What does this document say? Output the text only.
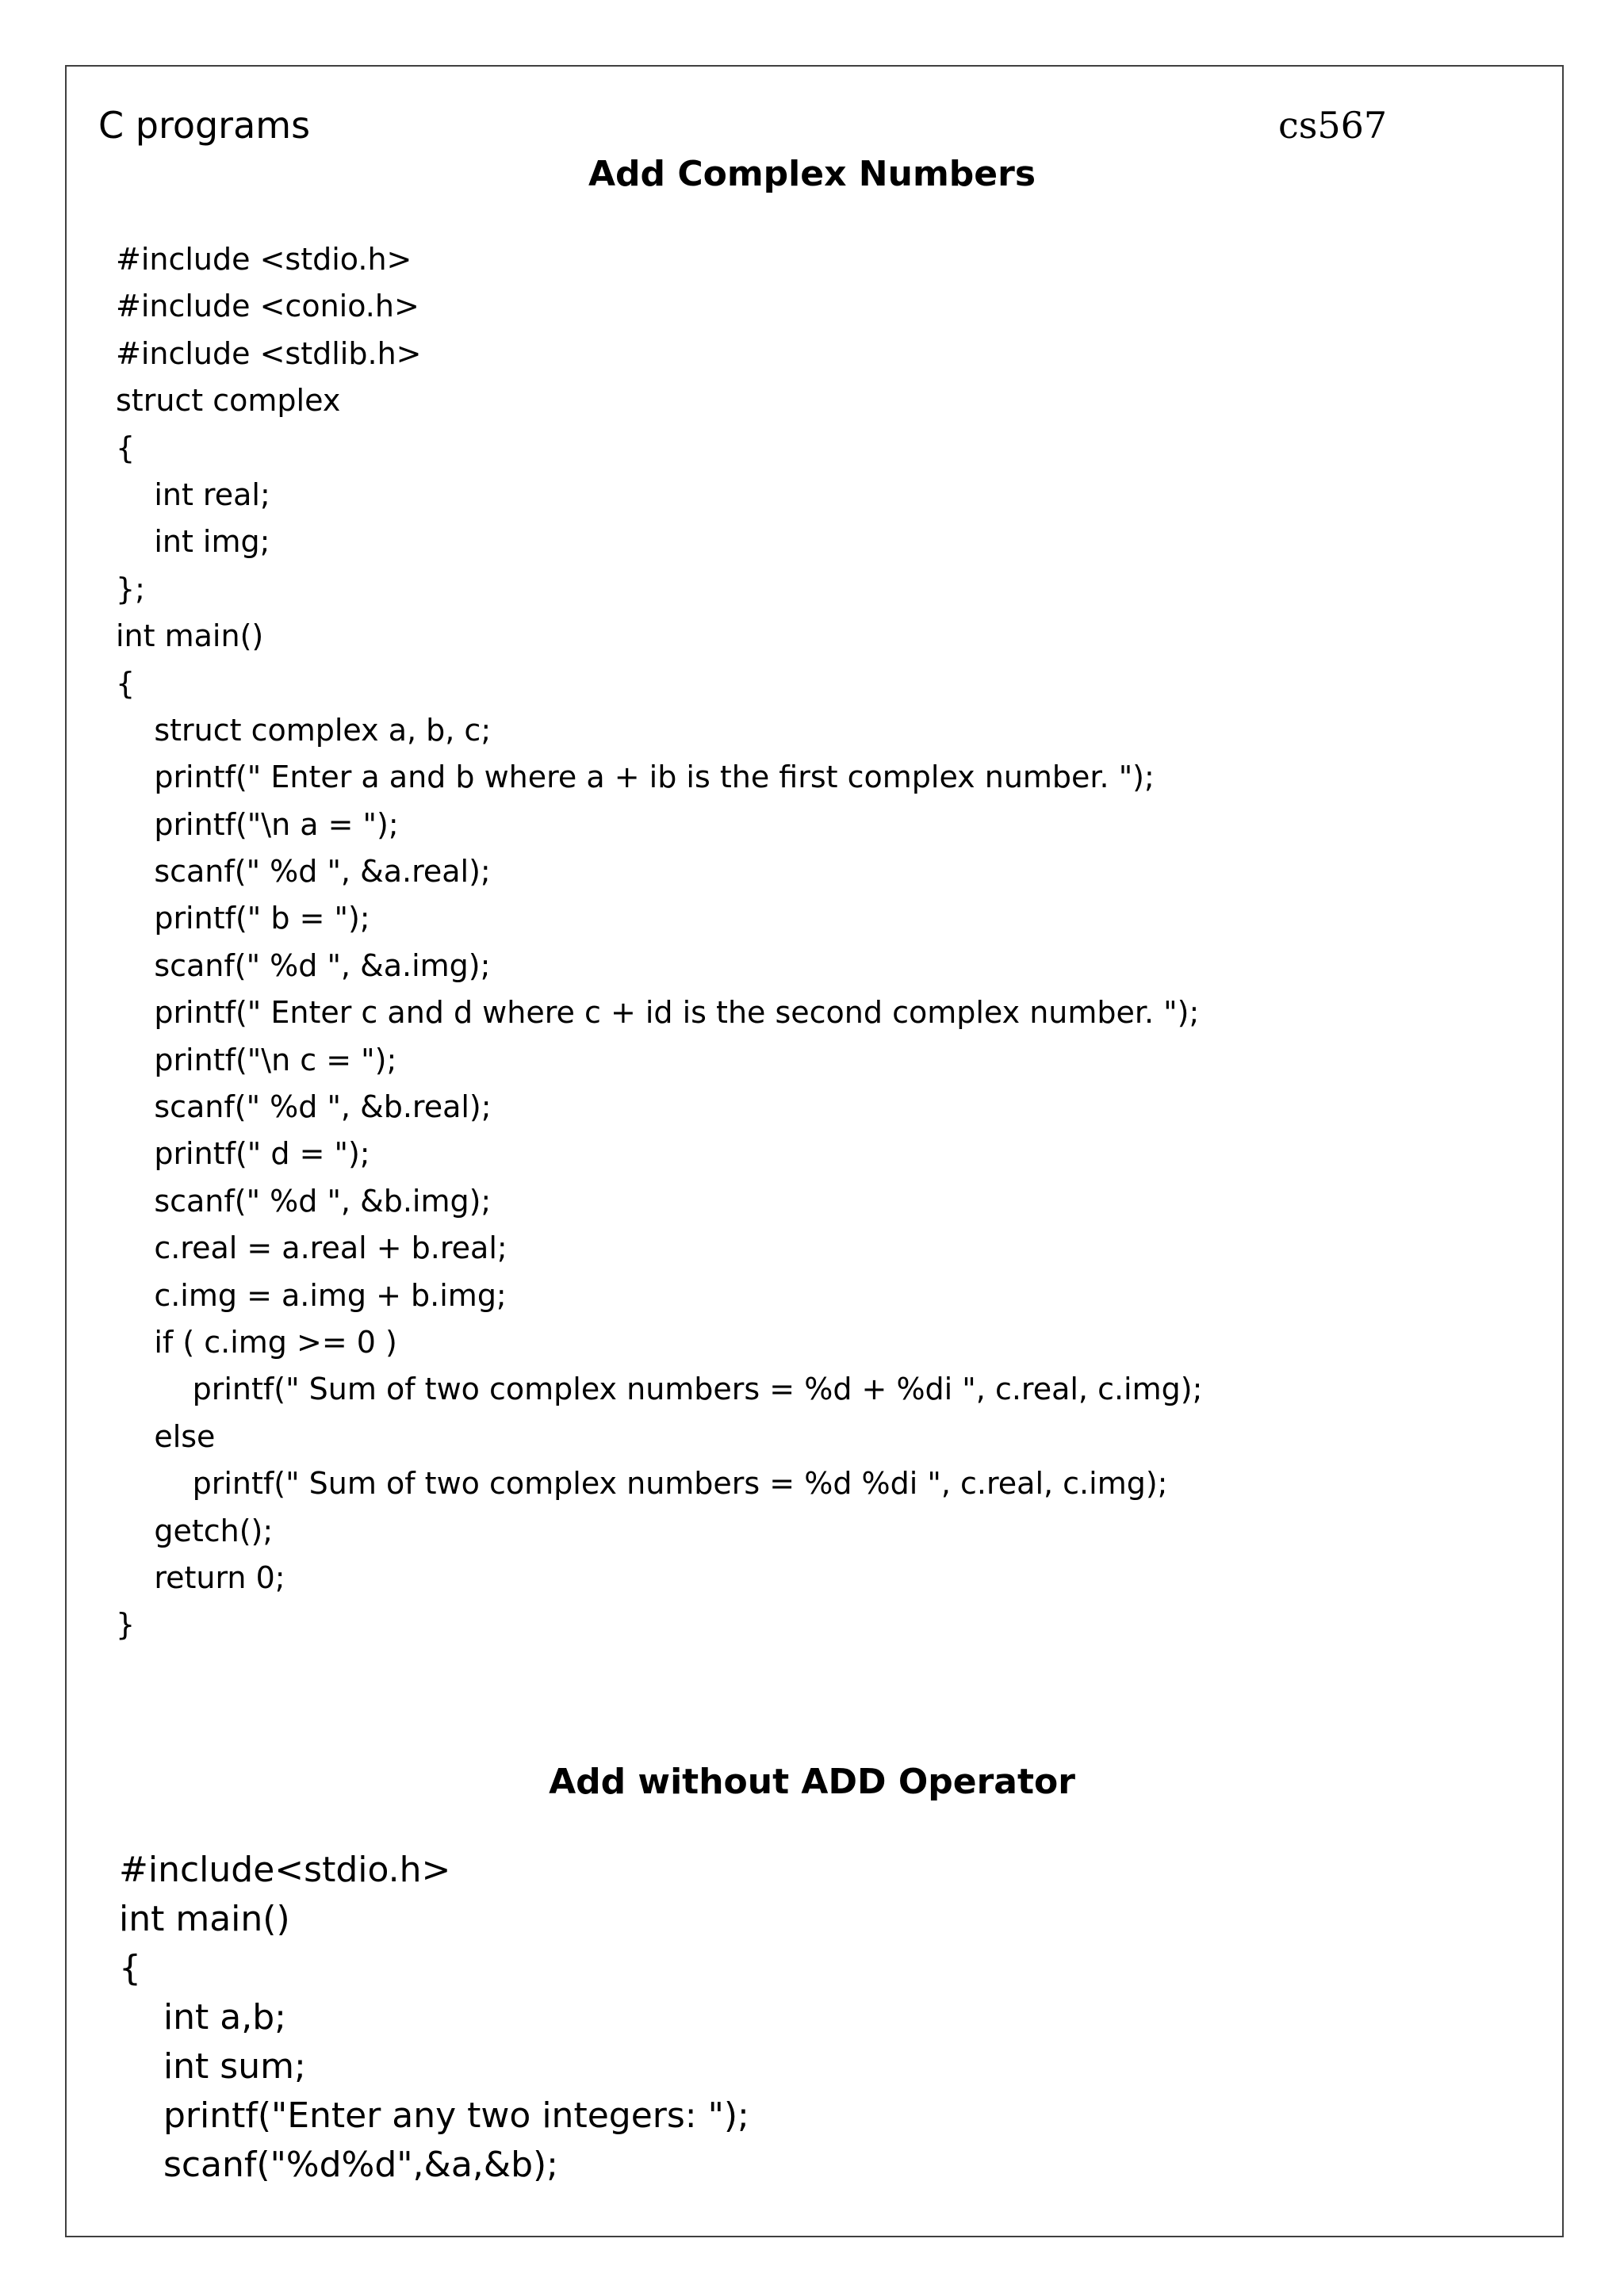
C programs	cs567
Add Complex Numbers
#include <stdio.h>
#include <conio.h>
#include <stdlib.h>
struct complex
{
int real;
int img;
};
int main()
{
struct complex a, b, c;
printf(" Enter a and b where a + ib is the first complex number. ");
printf("\n a = ");
scanf(" %d ", &a.real);
printf(" b = ");
scanf(" %d ", &a.img);
printf(" Enter c and d where c + id is the second complex number. ");
printf("\n c = ");
scanf(" %d ", &b.real);
printf(" d = ");
scanf(" %d ", &b.img);
c.real = a.real + b.real;
c.img = a.img + b.img;
if ( c.img >= 0 )
printf(" Sum of two complex numbers = %d + %di ", c.real, c.img);
else
printf(" Sum of two complex numbers = %d %di ", c.real, c.img);
getch();
return 0;
}
Add without ADD Operator
#include<stdio.h>
int main()
{
int a,b;
int sum;
printf("Enter any two integers: ");
scanf("%d%d",&a,&b);
